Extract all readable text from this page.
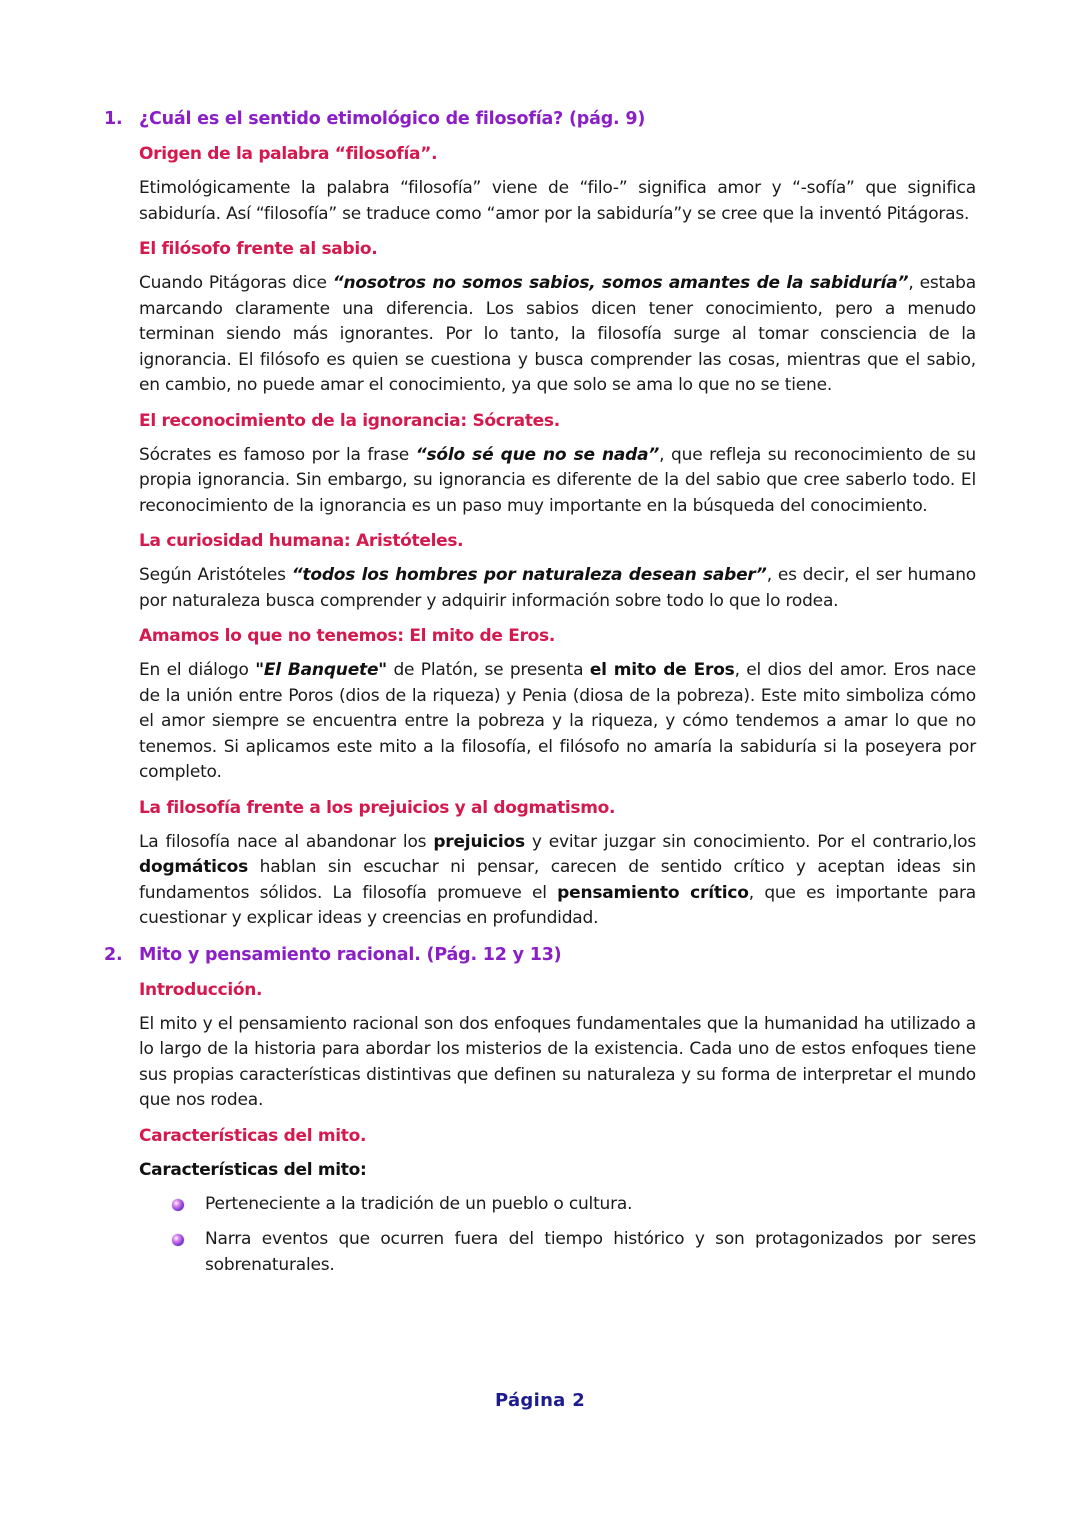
1. ¿Cuál es el sentido etimológico de filosofía? (pág. 9)
Origen de la palabra “filosofía”.

Etimológicamente la palabra “filosofía” viene de “filo-” significa amor y “-sofía” que significa sabiduría. Así “filosofía” se traduce como “amor por la sabiduría”y se cree que la inventó Pitágoras.

El filósofo frente al sabio.

Cuando Pitágoras dice “nosotros no somos sabios, somos amantes de la sabiduría”, estaba marcando claramente una diferencia. Los sabios dicen tener conocimiento, pero a menudo terminan siendo más ignorantes. Por lo tanto, la filosofía surge al tomar consciencia de la ignorancia. El filósofo es quien se cuestiona y busca comprender las cosas, mientras que el sabio, en cambio, no puede amar el conocimiento, ya que solo se ama lo que no se tiene.

El reconocimiento de la ignorancia: Sócrates.

Sócrates es famoso por la frase “sólo sé que no se nada”, que refleja su reconocimiento de su propia ignorancia. Sin embargo, su ignorancia es diferente de la del sabio que cree saberlo todo. El reconocimiento de la ignorancia es un paso muy importante en la búsqueda del conocimiento.

La curiosidad humana: Aristóteles.

Según Aristóteles “todos los hombres por naturaleza desean saber”, es decir, el ser humano por naturaleza busca comprender y adquirir información sobre todo lo que lo rodea.

Amamos lo que no tenemos: El mito de Eros.

En el diálogo "El Banquete" de Platón, se presenta el mito de Eros, el dios del amor. Eros nace de la unión entre Poros (dios de la riqueza) y Penia (diosa de la pobreza). Este mito simboliza cómo el amor siempre se encuentra entre la pobreza y la riqueza, y cómo tendemos a amar lo que no tenemos. Si aplicamos este mito a la filosofía, el filósofo no amaría la sabiduría si la poseyera por completo.

La filosofía frente a los prejuicios y al dogmatismo.

La filosofía nace al abandonar los prejuicios y evitar juzgar sin conocimiento. Por el contrario,los dogmáticos hablan sin escuchar ni pensar, carecen de sentido crítico y aceptan ideas sin fundamentos sólidos. La filosofía promueve el pensamiento crítico, que es importante para cuestionar y explicar ideas y creencias en profundidad.

2. Mito y pensamiento racional. (Pág. 12 y 13)
Introducción.

El mito y el pensamiento racional son dos enfoques fundamentales que la humanidad ha utilizado a lo largo de la historia para abordar los misterios de la existencia. Cada uno de estos enfoques tiene sus propias características distintivas que definen su naturaleza y su forma de interpretar el mundo que nos rodea.

Características del mito.
Características del mito:
Perteneciente a la tradición de un pueblo o cultura.
Narra eventos que ocurren fuera del tiempo histórico y son protagonizados por seres sobrenaturales.
Página 2
